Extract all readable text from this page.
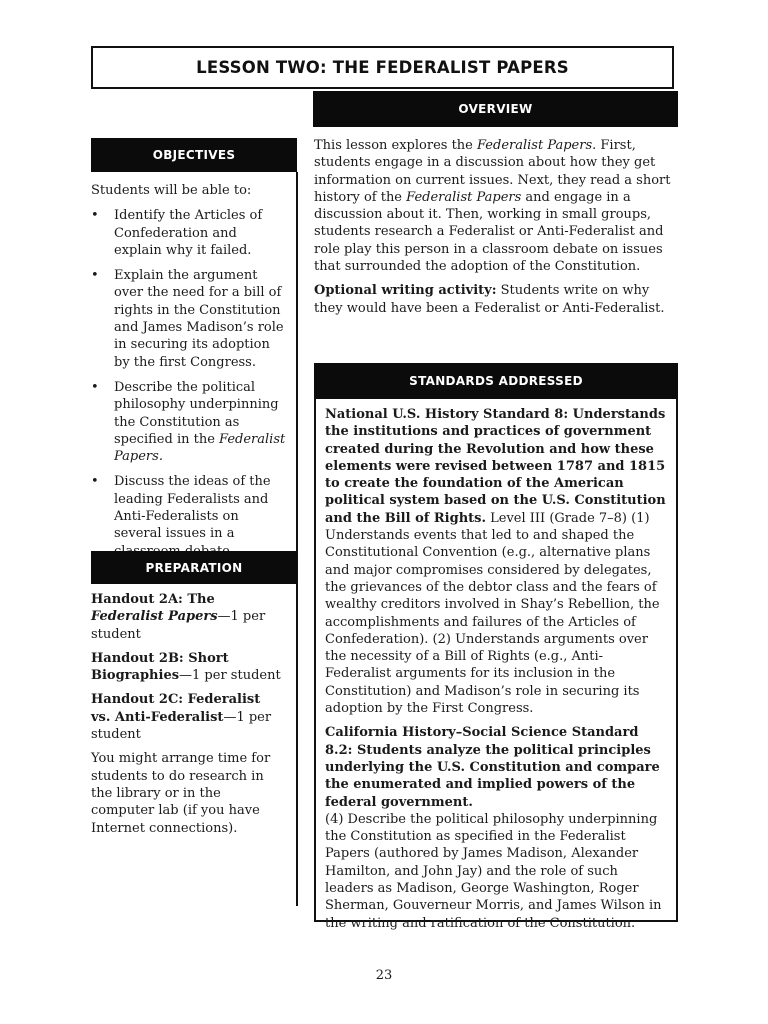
LESSON TWO: THE FEDERALIST PAPERS
OVERVIEW
OBJECTIVES

Students will be able to:

• Identify the Articles of Confederation and explain why it failed.
• Explain the argument over the need for a bill of rights in the Constitution and James Madison’s role in securing its adoption by the first Congress.
• Describe the political philosophy underpinning the Constitution as specified in the Federalist Papers.
• Discuss the ideas of the leading Federalists and Anti-Federalists on several issues in a
PREPARATION

Handout 2A: The Federalist Papers—1 per student

Handout 2B: Short Biographies—1 per student

Handout 2C: Federalist vs. Anti-Federalist—1 per student

You might arrange time for students to do research in the library or in the computer lab (if you have Internet connections).

This lesson explores the Federalist Papers. First, students engage in a discussion about how they get information on current issues. Next, they read a short history of the Federalist Papers and engage in a discussion about it. Then, working in small groups, students research a Federalist or Anti-Federalist and role play this person in a classroom debate on issues that surrounded the adoption of the Constitution.

Optional writing activity: Students write on why they would have been a Federalist or Anti-Federalist.

STANDARDS ADDRESSED

National U.S. History Standard 8: Understands the institutions and practices of government created during the Revolution and how these elements were revised between 1787 and 1815 to create the foundation of the American political system based on the U.S. Constitution and the Bill of Rights. Level III (Grade 7–8) (1) Understands events that led to and shaped the Constitutional Convention (e.g., alternative plans and major compromises considered by delegates, the grievances of the debtor class and the fears of wealthy creditors involved in Shay’s Rebellion, the accomplishments and failures of the Articles of Confederation). (2) Understands arguments over the necessity of a Bill of Rights (e.g., Anti-Federalist arguments for its inclusion in the Constitution) and Madison’s role in securing its adoption by the First Congress.

California History–Social Science Standard 8.2: Students analyze the political principles underlying the U.S. Constitution and compare the enumerated and implied powers of the federal government.
(4) Describe the political philosophy underpinning the Constitution as specified in the Federalist Papers (authored by James Madison, Alexander Hamilton, and John Jay) and the role of such leaders as Madison, George Washington, Roger Sherman, Gouverneur Morris, and James Wilson in the writing and ratification of the Constitution.

23
